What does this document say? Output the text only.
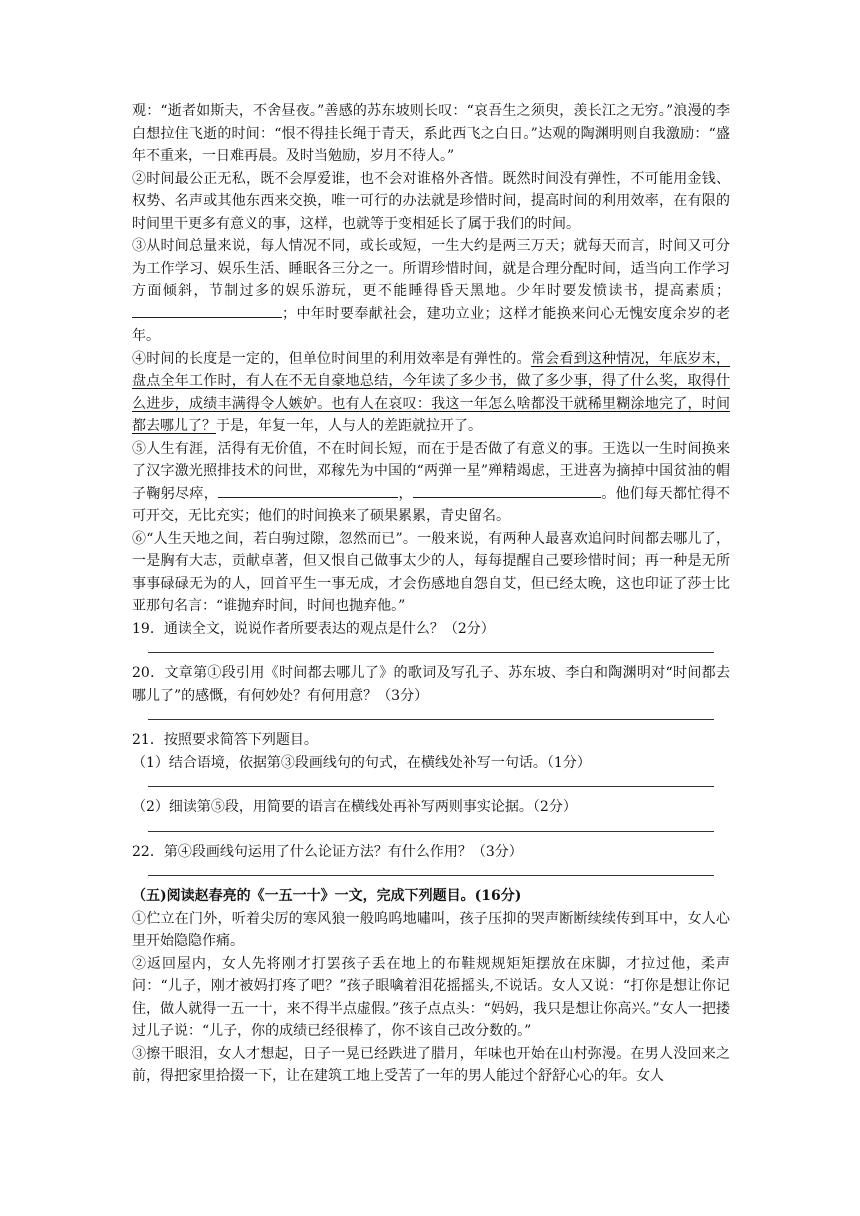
观：“逝者如斯夫，不舍昼夜。”善感的苏东坡则长叹：“哀吾生之须臾，羡长江之无穷。”浪漫的李白想拉住飞逝的时间：“恨不得挂长绳于青天，系此西飞之白日。”达观的陶渊明则自我激励：“盛年不重来，一日难再晨。及时当勉励，岁月不待人。”

②时间最公正无私，既不会厚爱谁，也不会对谁格外吝惜。既然时间没有弹性，不可能用金钱、权势、名声或其他东西来交换，唯一可行的办法就是珍惜时间，提高时间的利用效率，在有限的时间里干更多有意义的事，这样，也就等于变相延长了属于我们的时间。

③从时间总量来说，每人情况不同，或长或短，一生大约是两三万天；就每天而言，时间又可分为工作学习、娱乐生活、睡眠各三分之一。所谓珍惜时间，就是合理分配时间，适当向工作学习方面倾斜，节制过多的娱乐游玩，更不能睡得昏天黑地。少年时要发愤读书，提高素质；；中年时要奉献社会，建功立业；这样才能换来问心无愧安度余岁的老年。

④时间的长度是一定的，但单位时间里的利用效率是有弹性的。常会看到这种情况，年底岁末，盘点全年工作时，有人在不无自豪地总结，今年读了多少书，做了多少事，得了什么奖，取得什么进步，成绩丰满得令人嫉妒。也有人在哀叹：我这一年怎么啥都没干就稀里糊涂地完了，时间都去哪儿了？于是，年复一年，人与人的差距就拉开了。

⑤人生有涯，活得有无价值，不在时间长短，而在于是否做了有意义的事。王选以一生时间换来了汉字激光照排技术的问世，邓稼先为中国的“两弹一星”殚精竭虑，王进喜为摘掉中国贫油的帽子鞠躬尽瘁，	，	。他们每天都忙得不可开交，无比充实；他们的时间换来了硕果累累，青史留名。

⑥“人生天地之间，若白驹过隙，忽然而已”。一般来说，有两种人最喜欢追问时间都去哪儿了，一是胸有大志，贡献卓著，但又恨自己做事太少的人，每每提醒自己要珍惜时间；再一种是无所事事碌碌无为的人，回首平生一事无成，才会伤感地自怨自艾，但已经太晚，这也印证了莎士比亚那句名言：“谁抛弃时间，时间也抛弃他。”

19．通读全文，说说作者所要表达的观点是什么？（2分）

20．文章第①段引用《时间都去哪儿了》的歌词及写孔子、苏东坡、李白和陶渊明对“时间都去哪儿了”的感慨，有何妙处？有何用意？（3分）

21．按照要求简答下列题目。

（1）结合语境，依据第③段画线句的句式，在横线处补写一句话。（1分）

（2）细读第⑤段，用简要的语言在横线处再补写两则事实论据。（2分）

22．第④段画线句运用了什么论证方法？有什么作用？（3分）

（五)阅读赵春亮的《一五一十》一文，完成下列题目。(16分)

①伫立在门外，听着尖厉的寒风狼一般呜呜地嘯叫，孩子压抑的哭声断断续续传到耳中，女人心里开始隐隐作痛。

②返回屋内，女人先将刚才打罢孩子丢在地上的布鞋规规矩矩摆放在床脚，才拉过他，柔声问：“儿子，刚才被妈打疼了吧？”孩子眼噙着泪花摇摇头,不说话。女人又说：“打你是想让你记住，做人就得一五一十，来不得半点虚假。”孩子点点头：“妈妈，我只是想让你高兴。”女人一把搂过儿子说：“儿子，你的成绩已经很棒了，你不该自己改分数的。”

③擦干眼泪，女人才想起，日子一晃已经跌进了腊月，年味也开始在山村弥漫。在男人没回来之前，得把家里拾掇一下，让在建筑工地上受苦了一年的男人能过个舒舒心心的年。女人
